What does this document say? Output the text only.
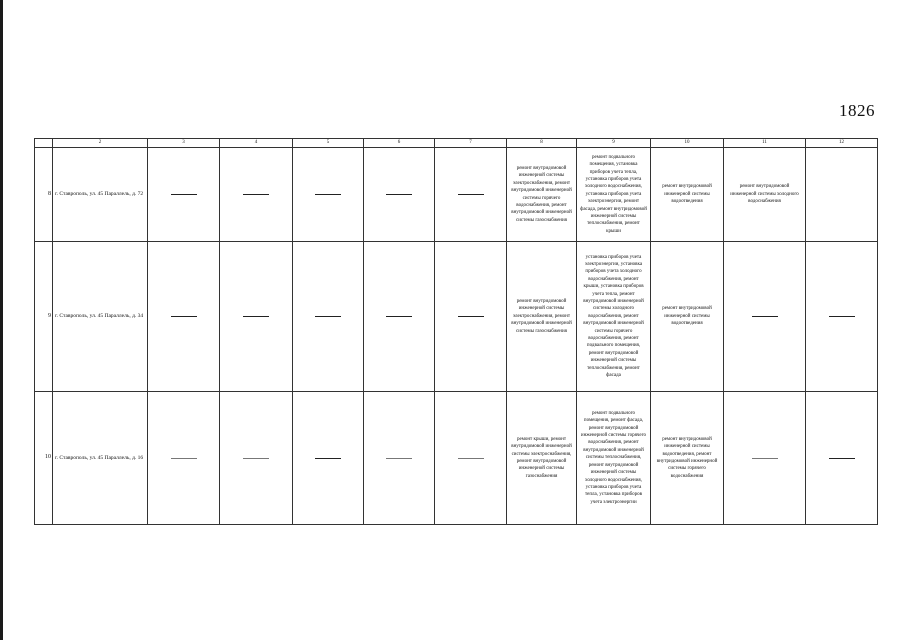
1826
	2	3	4	5	6	7	8	9	10	11	12
8	г. Ставрополь, ул. 45 Параллель, д. 72						ремонт внутридомовой инженерной системы электроснабжения, ремонт внутридомовой инженерной системы горячего водоснабжения, ремонт внутридомовой инженерной системы газоснабжения	ремонт подвального помещения, установка приборов учета тепла, установка приборов учета холодного водоснабжения, установка приборов учета электроэнергии, ремонт фасада, ремонт внутридомовой инженерной системы теплоснабжения, ремонт крыши	ремонт внутридомовой инженерной системы водоотведения	ремонт внутридомовой инженерной системы холодного водоснабжения	
9	г. Ставрополь, ул. 45 Параллель, д. 34						ремонт внутридомовой инженерной системы электроснабжения, ремонт внутридомовой инженерной системы газоснабжения	установка приборов учета электроэнергии, установка приборов учета холодного водоснабжения, ремонт крыши, установка приборов учета тепла, ремонт внутридомовой инженерной системы холодного водоснабжения, ремонт внутридомовой инженерной системы горячего водоснабжения, ремонт подвального помещения, ремонт внутридомовой инженерной системы теплоснабжения, ремонт фасада	ремонт внутридомовой инженерной системы водоотведения	

10	г. Ставрополь, ул. 45 Параллель, д. 16						ремонт крыши, ремонт внутридомовой инженерной системы электроснабжения, ремонт внутридомовой инженерной системы газоснабжения	ремонт подвального помещения, ремонт фасада, ремонт внутридомовой инженерной системы горячего водоснабжения, ремонт внутридомовой инженерной системы теплоснабжения, ремонт внутридомовой инженерной системы холодного водоснабжения, установка приборов учета тепла, установка приборов учета электроэнергии	ремонт внутридомовой инженерной системы водоотведения, ремонт внутридомовой инженерной системы горячего водоснабжения	
